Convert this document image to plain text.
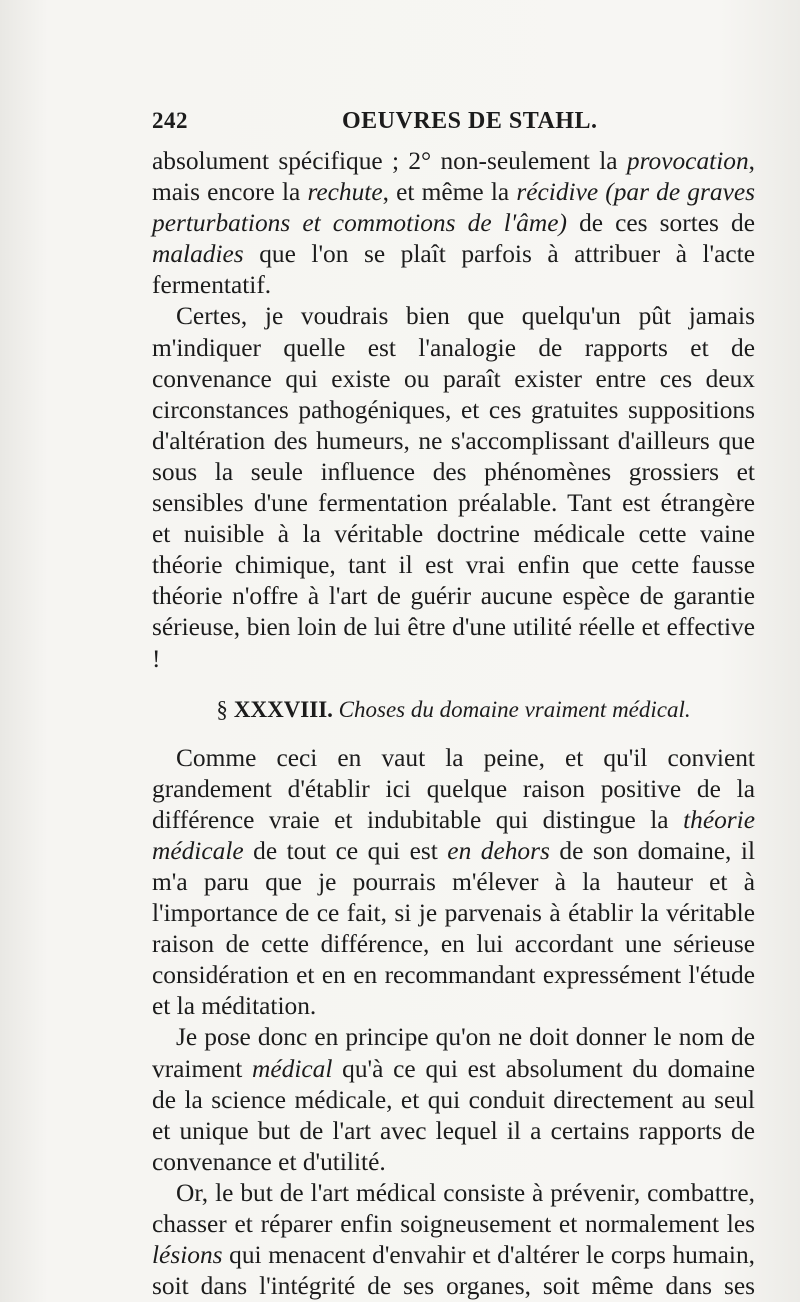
242	OEUVRES DE STAHL.

absolument spécifique ; 2° non-seulement la provocation, mais encore la rechute, et même la récidive (par de graves perturbations et commotions de l'âme) de ces sortes de maladies que l'on se plaît parfois à attribuer à l'acte fermentatif.

Certes, je voudrais bien que quelqu'un pût jamais m'indiquer quelle est l'analogie de rapports et de convenance qui existe ou paraît exister entre ces deux circonstances pathogéniques, et ces gratuites suppositions d'altération des humeurs, ne s'accomplissant d'ailleurs que sous la seule influence des phénomènes grossiers et sensibles d'une fermentation préalable. Tant est étrangère et nuisible à la véritable doctrine médicale cette vaine théorie chimique, tant il est vrai enfin que cette fausse théorie n'offre à l'art de guérir aucune espèce de garantie sérieuse, bien loin de lui être d'une utilité réelle et effective !

§ XXXVIII. Choses du domaine vraiment médical.

Comme ceci en vaut la peine, et qu'il convient grandement d'établir ici quelque raison positive de la différence vraie et indubitable qui distingue la théorie médicale de tout ce qui est en dehors de son domaine, il m'a paru que je pourrais m'élever à la hauteur et à l'importance de ce fait, si je parvenais à établir la véritable raison de cette différence, en lui accordant une sérieuse considération et en en recommandant expressément l'étude et la méditation.

Je pose donc en principe qu'on ne doit donner le nom de vraiment médical qu'à ce qui est absolument du domaine de la science médicale, et qui conduit directement au seul et unique but de l'art avec lequel il a certains rapports de convenance et d'utilité.

Or, le but de l'art médical consiste à prévenir, combattre, chasser et réparer enfin soigneusement et normalement les lésions qui menacent d'envahir et d'altérer le corps humain, soit dans l'intégrité de ses organes, soit même dans ses
